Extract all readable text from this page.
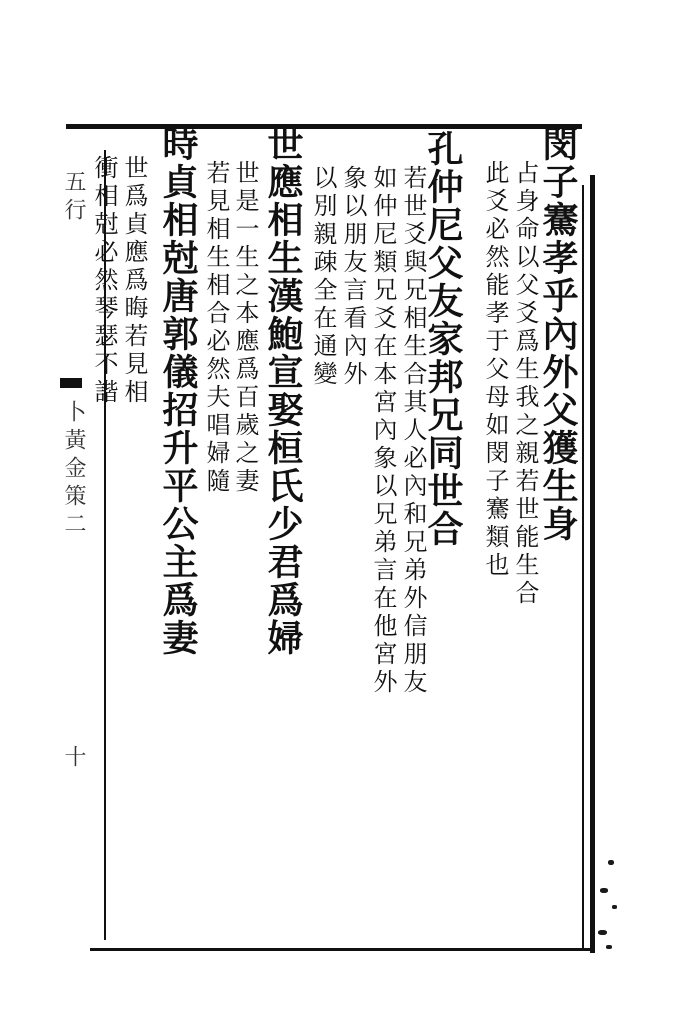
閔子騫孝乎內外父獲生身
占身命以父爻爲生我之親若世能生合
此爻必然能孝于父母如閔子騫類也
孔仲尼父友家邦兄同世合
若世爻與兄相生合其人必內和兄弟外信朋友
如仲尼類兄爻在本宮內象以兄弟言在他宮外
象以朋友言看內外
以別親疎全在通變
世應相生漢鮑宣娶桓氏少君爲婦
世是一生之本應爲百歲之妻
若見相生相合必然夫唱婦隨
時貞相尅唐郭儀招升平公主爲妻
世爲貞應爲晦若見相
衝相尅必然琴瑟不諧
五行
卜黃金策二
十
